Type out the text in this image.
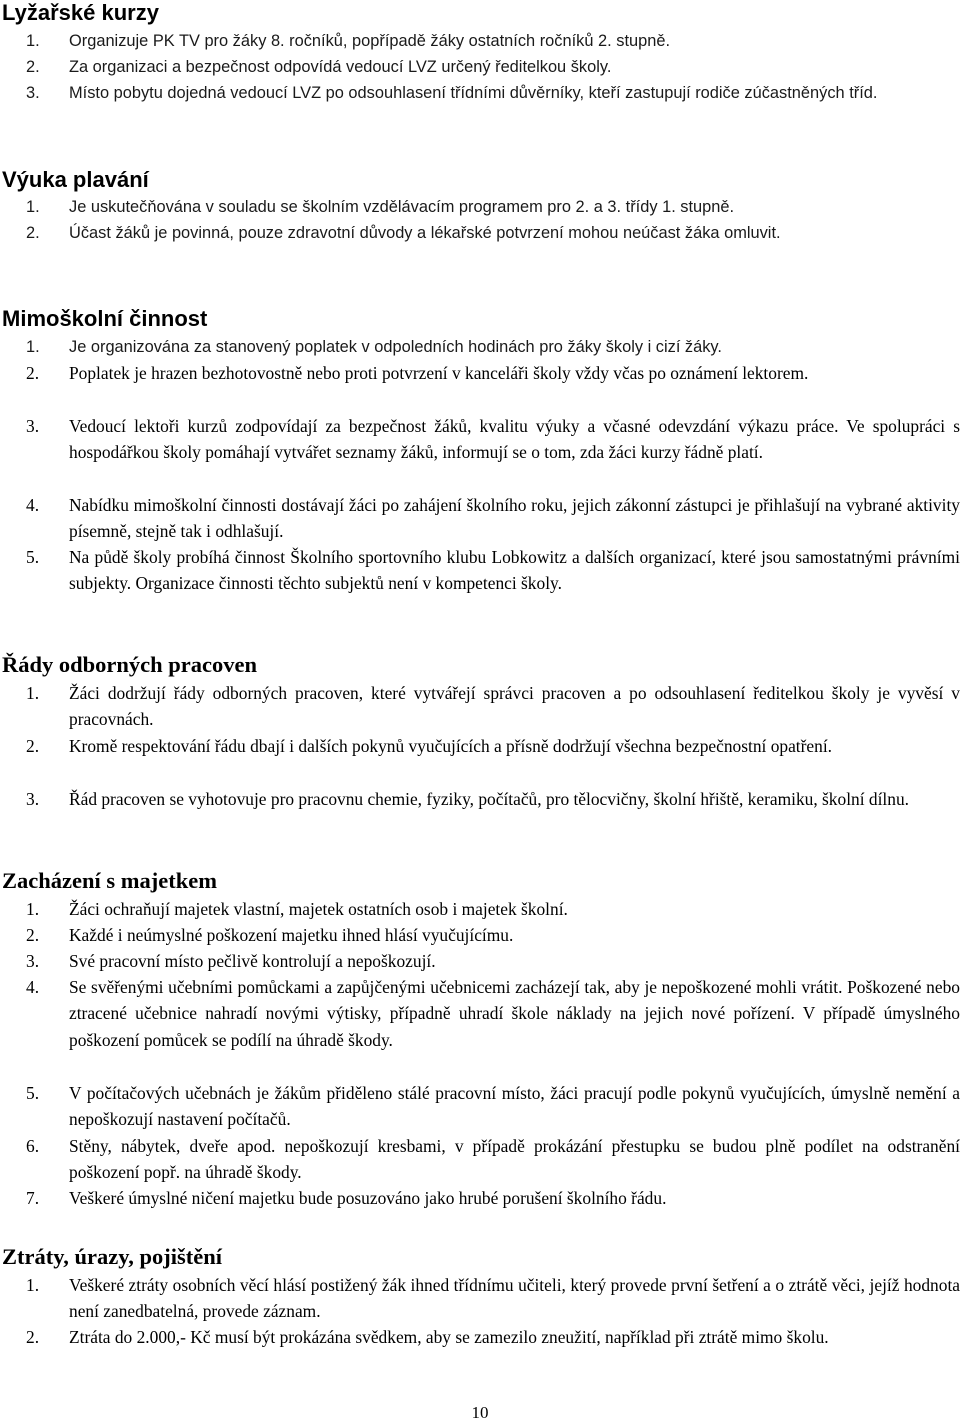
Lyžařské kurzy
1. Organizuje PK TV pro žáky 8. ročníků, popřípadě žáky ostatních ročníků 2. stupně.
2. Za organizaci a bezpečnost odpovídá vedoucí LVZ určený ředitelkou školy.
3. Místo pobytu dojedná vedoucí LVZ po odsouhlasení třídními důvěrníky, kteří zastupují rodiče zúčastněných tříd.
Výuka plavání
1. Je uskutečňována v souladu se školním vzdělávacím programem pro 2. a 3. třídy 1. stupně.
2. Účast žáků je povinná, pouze zdravotní důvody a lékařské potvrzení mohou neúčast žáka omluvit.
Mimoškolní činnost
1. Je organizována za stanovený poplatek v odpoledních hodinách pro žáky školy i cizí žáky.
2. Poplatek je hrazen bezhotovostně nebo proti potvrzení v kanceláři školy vždy včas po oznámení lektorem.
3. Vedoucí lektoři kurzů zodpovídají za bezpečnost žáků, kvalitu výuky a včasné odevzdání výkazu práce. Ve spolupráci s hospodářkou školy pomáhají vytvářet seznamy žáků, informují se o tom, zda žáci kurzy řádně platí.
4. Nabídku mimoškolní činnosti dostávají žáci po zahájení školního roku, jejich zákonní zástupci je přihlašují na vybrané aktivity písemně, stejně tak i odhlašují.
5. Na půdě školy probíhá činnost Školního sportovního klubu Lobkowitz a dalších organizací, které jsou samostatnými právními subjekty. Organizace činnosti těchto subjektů není v kompetenci školy.
Řády odborných pracoven
1. Žáci dodržují řády odborných pracoven, které vytvářejí správci pracoven a po odsouhlasení ředitelkou školy je vyvěsí v pracovnách.
2. Kromě respektování řádu dbají i dalších pokynů vyučujících a přísně dodržují všechna bezpečnostní opatření.
3. Řád pracoven se vyhotovuje pro pracovnu chemie, fyziky, počítačů, pro tělocvičny, školní hřiště, keramiku, školní dílnu.
Zacházení s majetkem
1. Žáci ochraňují majetek vlastní, majetek ostatních osob i majetek školní.
2. Každé i neúmyslné poškození majetku ihned hlásí vyučujícímu.
3. Své pracovní místo pečlivě kontrolují a nepoškozují.
4. Se svěřenými učebními pomůckami a zapůjčenými učebnicemi zacházejí tak, aby je nepoškozené mohli vrátit. Poškozené nebo ztracené učebnice nahradí novými výtisky, případně uhradí škole náklady na jejich nové pořízení. V případě úmyslného poškození pomůcek se podílí na úhradě škody.
5. V počítačových učebnách je žákům přiděleno stálé pracovní místo, žáci pracují podle pokynů vyučujících, úmyslně nemění a nepoškozují nastavení počítačů.
6. Stěny, nábytek, dveře apod. nepoškozují kresbami, v případě prokázání přestupku se budou plně podílet na odstranění poškození popř. na úhradě škody.
7. Veškeré úmyslné ničení majetku bude posuzováno jako hrubé porušení školního řádu.
Ztráty, úrazy, pojištění
1. Veškeré ztráty osobních věcí hlásí postižený žák ihned třídnímu učiteli, který provede první šetření a o ztrátě věci, jejíž hodnota není zanedbatelná, provede záznam.
2. Ztráta do 2.000,- Kč musí být prokázána svědkem, aby se zamezilo zneužití, například při ztrátě mimo školu.
10
